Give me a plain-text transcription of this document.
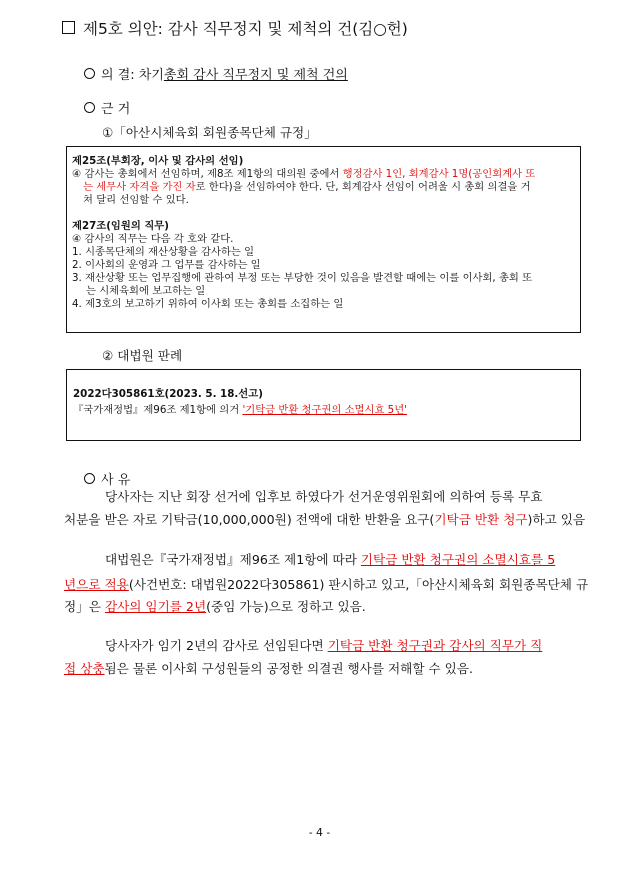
제5호 의안: 감사 직무정지 및 제척의 건(김○헌)
의 결: 차기총회 감사 직무정지 및 제척 건의
근 거
①「아산시체육회 회원종목단체 규정」
제25조(부회장, 이사 및 감사의 선임)
④ 감사는 총회에서 선임하며, 제8조 제1항의 대의원 중에서 행정감사 1인, 회계감사 1명(공인회계사 또
는 세무사 자격을 가진 자로 한다)을 선임하여야 한다. 단, 회계감사 선임이 어려울 시 총회 의결을 거
쳐 달리 선임할 수 있다.
제27조(임원의 직무)
④ 감사의 직무는 다음 각 호와 같다.
1. 시종목단체의 재산상황을 감사하는 일
2. 이사회의 운영과 그 업무를 감사하는 일
3. 재산상황 또는 업무집행에 관하여 부정 또는 부당한 것이 있음을 발견할 때에는 이를 이사회, 총회 또
는 시체육회에 보고하는 일
4. 제3호의 보고하기 위하여 이사회 또는 총회를 소집하는 일
② 대법원 판례
2022다305861호(2023. 5. 18.선고)
『국가재정법』제96조 제1항에 의거 '기탁금 반환 청구권의 소멸시효 5년'
사 유
당사자는 지난 회장 선거에 입후보 하였다가 선거운영위원회에 의하여 등록 무효
처분을 받은 자로 기탁금(10,000,000원) 전액에 대한 반환을 요구(기탁금 반환 청구)하고 있음
대법원은『국가재정법』제96조 제1항에 따라 기탁금 반환 청구권의 소멸시효를 5
년으로 적용(사건번호: 대법원2022다305861) 판시하고 있고,「아산시체육회 회원종목단체 규
정」은 감사의 임기를 2년(중임 가능)으로 정하고 있음.
당사자가 임기 2년의 감사로 선임된다면 기탁금 반환 청구권과 감사의 직무가 직
접 상충됨은 물론 이사회 구성원들의 공정한 의결권 행사를 저해할 수 있음.
- 4 -
